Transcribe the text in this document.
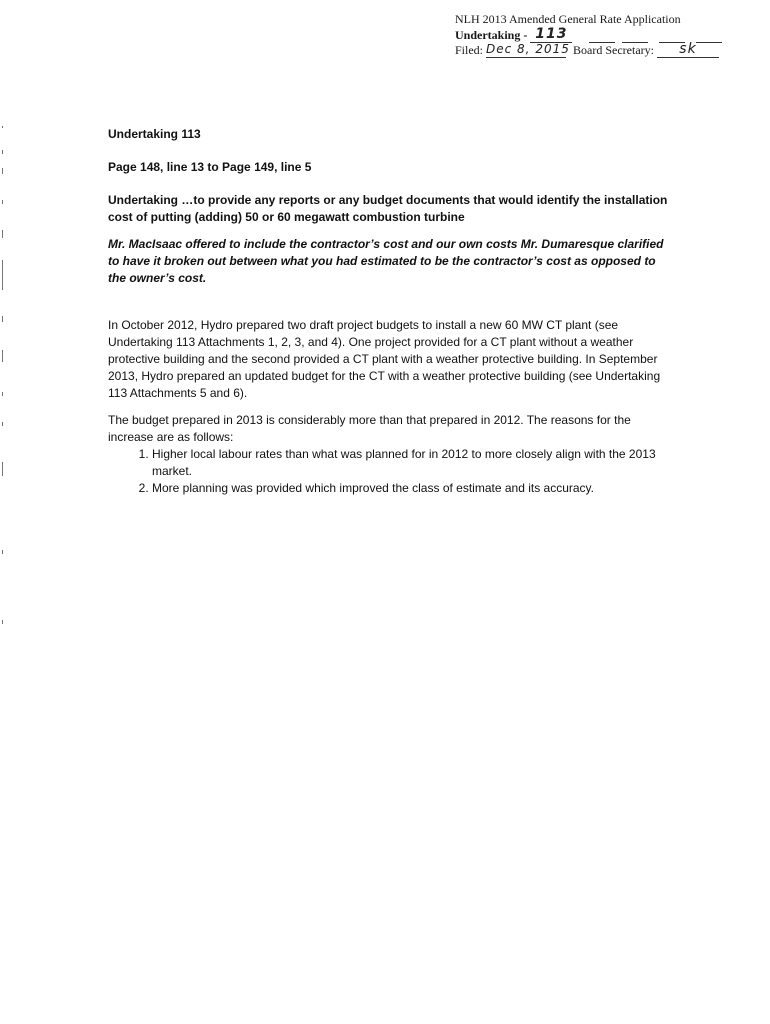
NLH 2013 Amended General Rate Application
Undertaking - 113
Filed: Dec 8, 2015 Board Secretary: sk

Undertaking 113

Page 148, line 13 to Page 149, line 5

Undertaking …to provide any reports or any budget documents that would identify the installation cost of putting (adding) 50 or 60 megawatt combustion turbine

Mr. MacIsaac offered to include the contractor’s cost and our own costs Mr. Dumaresque clarified to have it broken out between what you had estimated to be the contractor’s cost as opposed to the owner’s cost.

In October 2012, Hydro prepared two draft project budgets to install a new 60 MW CT plant (see Undertaking 113 Attachments 1, 2, 3, and 4). One project provided for a CT plant without a weather protective building and the second provided a CT plant with a weather protective building. In September 2013, Hydro prepared an updated budget for the CT with a weather protective building (see Undertaking 113 Attachments 5 and 6).

The budget prepared in 2013 is considerably more than that prepared in 2012. The reasons for the increase are as follows:

1. Higher local labour rates than what was planned for in 2012 to more closely align with the 2013 market.
2. More planning was provided which improved the class of estimate and its accuracy.
